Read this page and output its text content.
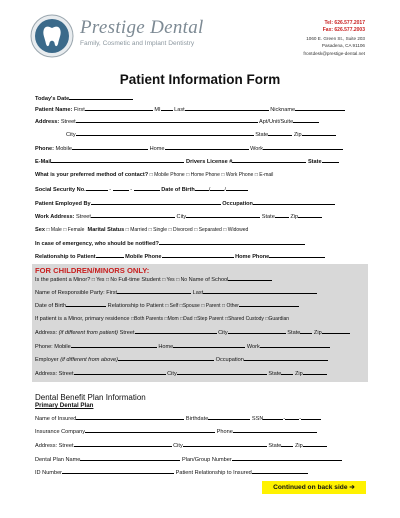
Prestige Dental
Family, Cosmetic and Implant Dentistry
Tel: 626.577.2017
Fax: 626.577.2003
1060 E. Green St., Suite 203
Pasadena, CA 91106
frontdesk@prestige-dental.net
Patient Information Form
Today's Date
Patient Name: First	MI Last	Nickname
Address: Street	Apt/Unit/Suite
City	State	Zip
Phone: Mobile	Home	Work
E-Mail	Drivers License #	State
What is your preferred method of contact? □ Mobile Phone □ Home Phone □ Work Phone □ E-mail
Social Security No.	-	-	Date of Birth	/	/
Patient Employed By	Occupation
Work Address: Street	City	State	Zip
Sex □ Male □ Female Marital Status □ Married □ Single □ Divorced □ Separated □ Widowed
In case of emergency, who should be notified?
Relationship to Patient	Mobile Phone	Home Phone
FOR CHILDREN/MINORS ONLY:
Is the patient a Minor? □ Yes □ No Full-time Student □ Yes □ No Name of School
Name of Responsible Party: First	Last
Date of Birth	Relationship to Patient □ Self □Spouse □ Parent □ Other
If patient is a Minor, primary residence □Both Parents □Mom □Dad □Step Parent □Shared Custody □Guardian
Address: (if different from patient) Street	City	State Zip
Phone: Mobile	Home	Work
Employer (if different from above)	Occupation
Address: Street	City	State Zip
Dental Benefit Plan Information
Primary Dental Plan
Name of Insured	Birthdate	SSN	-	-
Insurance Company	Phone
Address: Street	City	State Zip
Dental Plan Name	Plan/Group Number
ID Number	Patient Relationship to Insured
Continued on back side ➔
